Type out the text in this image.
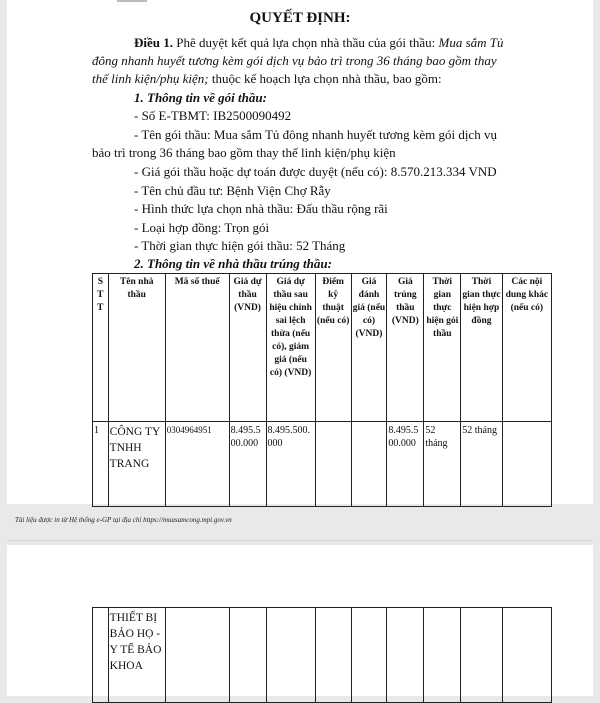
QUYẾT ĐỊNH:
Điều 1. Phê duyệt kết quả lựa chọn nhà thầu của gói thầu: Mua sắm Tủ
đông nhanh huyết tương kèm gói dịch vụ bảo trì trong 36 tháng bao gồm thay
thế linh kiện/phụ kiện; thuộc kế hoạch lựa chọn nhà thầu, bao gồm:
1. Thông tin về gói thầu:
- Số E-TBMT: IB2500090492
- Tên gói thầu: Mua sắm Tủ đông nhanh huyết tương kèm gói dịch vụ
bảo trì trong 36 tháng bao gồm thay thế linh kiện/phụ kiện
- Giá gói thầu hoặc dự toán được duyệt (nếu có): 8.570.213.334 VND
- Tên chủ đầu tư: Bệnh Viện Chợ Rẫy
- Hình thức lựa chọn nhà thầu: Đấu thầu rộng rãi
- Loại hợp đồng: Trọn gói
- Thời gian thực hiện gói thầu: 52 Tháng
2. Thông tin về nhà thầu trúng thầu:
S T T	Tên nhà thầu	Mã số thuế	Giá dự thầu (VND)	Giá dự thầu sau hiệu chỉnh sai lệch thừa (nếu có), giảm giá (nếu có) (VND)	Điểm kỹ thuật (nếu có)	Giá đánh giá (nếu có) (VND)	Giá trúng thầu (VND)	Thời gian thực hiện gói thầu	Thời gian thực hiện hợp đồng	Các nội dung khác (nếu có)
1	CÔNG TY TNHH TRANG	0304964951	8.495.500.000	8.495.500.000			8.495.500.000	52 tháng	52 tháng	
Tài liệu được in từ Hệ thống e-GP tại địa chỉ https://muasamcong.mpi.gov.vn
	THIẾT BỊ BẢO HỌ - Y TẾ BẢO KHOA									
